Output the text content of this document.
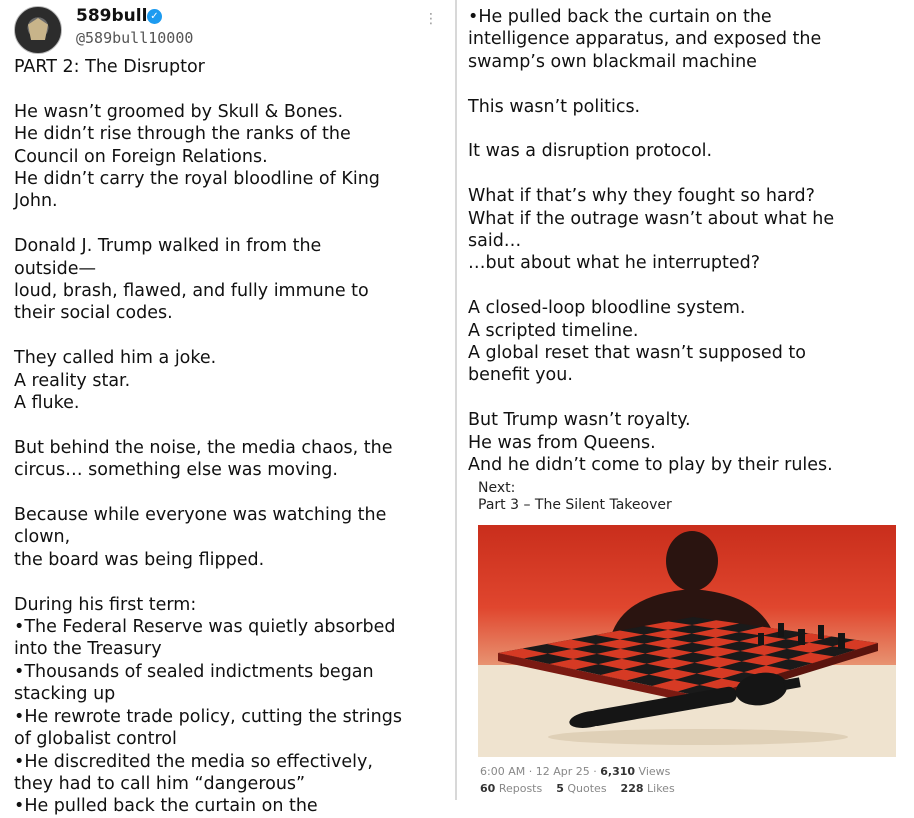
589bull ✓
@589bull10000
⋮

PART 2: The Disruptor

He wasn’t groomed by Skull & Bones.

He didn’t rise through the ranks of the

Council on Foreign Relations.

He didn’t carry the royal bloodline of King

John.

Donald J. Trump walked in from the

outside—

loud, brash, flawed, and fully immune to

their social codes.

They called him a joke.

A reality star.

A fluke.

But behind the noise, the media chaos, the

circus… something else was moving.

Because while everyone was watching the

clown,

the board was being flipped.

During his first term:

•The Federal Reserve was quietly absorbed

into the Treasury

•Thousands of sealed indictments began

stacking up

•He rewrote trade policy, cutting the strings

of globalist control

•He discredited the media so effectively,

they had to call him “dangerous”

•He pulled back the curtain on the

•He pulled back the curtain on the

intelligence apparatus, and exposed the

swamp’s own blackmail machine

This wasn’t politics.

It was a disruption protocol.

What if that’s why they fought so hard?

What if the outrage wasn’t about what he

said…

…but about what he interrupted?

A closed-loop bloodline system.

A scripted timeline.

A global reset that wasn’t supposed to

benefit you.

But Trump wasn’t royalty.

He was from Queens.

And he didn’t come to play by their rules.

Next:
Part 3 – The Silent Takeover
6:00 AM · 12 Apr 25 · 6,310 Views
60 Reposts 5 Quotes 228 Likes
